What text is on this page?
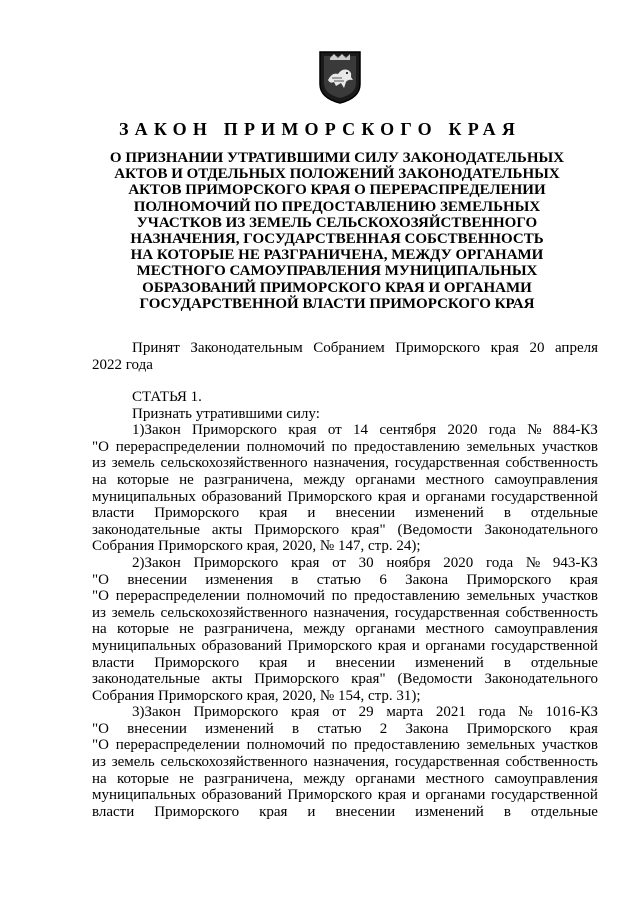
ЗАКОН ПРИМОРСКОГО КРАЯ
О ПРИЗНАНИИ УТРАТИВШИМИ СИЛУ ЗАКОНОДАТЕЛЬНЫХ
АКТОВ И ОТДЕЛЬНЫХ ПОЛОЖЕНИЙ ЗАКОНОДАТЕЛЬНЫХ
АКТОВ ПРИМОРСКОГО КРАЯ О ПЕРЕРАСПРЕДЕЛЕНИИ
ПОЛНОМОЧИЙ ПО ПРЕДОСТАВЛЕНИЮ ЗЕМЕЛЬНЫХ
УЧАСТКОВ ИЗ ЗЕМЕЛЬ СЕЛЬСКОХОЗЯЙСТВЕННОГО
НАЗНАЧЕНИЯ, ГОСУДАРСТВЕННАЯ СОБСТВЕННОСТЬ
НА КОТОРЫЕ НЕ РАЗГРАНИЧЕНА, МЕЖДУ ОРГАНАМИ
МЕСТНОГО САМОУПРАВЛЕНИЯ МУНИЦИПАЛЬНЫХ
ОБРАЗОВАНИЙ ПРИМОРСКОГО КРАЯ И ОРГАНАМИ
ГОСУДАРСТВЕННОЙ ВЛАСТИ ПРИМОРСКОГО КРАЯ
Принят Законодательным Собранием Приморского края 20 апреля
2022 года
СТАТЬЯ 1.
Признать утратившими силу:
1)Закон Приморского края от 14 сентября 2020 года № 884-КЗ
"О перераспределении полномочий по предоставлению земельных участков
из земель сельскохозяйственного назначения, государственная собственность
на которые не разграничена, между органами местного самоуправления
муниципальных образований Приморского края и органами государственной
власти Приморского края и внесении изменений в отдельные
законодательные акты Приморского края" (Ведомости Законодательного
Собрания Приморского края, 2020, № 147, стр. 24);
2)Закон Приморского края от 30 ноября 2020 года № 943-КЗ
"О внесении изменения в статью 6 Закона Приморского края
"О перераспределении полномочий по предоставлению земельных участков
из земель сельскохозяйственного назначения, государственная собственность
на которые не разграничена, между органами местного самоуправления
муниципальных образований Приморского края и органами государственной
власти Приморского края и внесении изменений в отдельные
законодательные акты Приморского края" (Ведомости Законодательного
Собрания Приморского края, 2020, № 154, стр. 31);
3)Закон Приморского края от 29 марта 2021 года № 1016-КЗ
"О внесении изменений в статью 2 Закона Приморского края
"О перераспределении полномочий по предоставлению земельных участков
из земель сельскохозяйственного назначения, государственная собственность
на которые не разграничена, между органами местного самоуправления
муниципальных образований Приморского края и органами государственной
власти Приморского края и внесении изменений в отдельные
